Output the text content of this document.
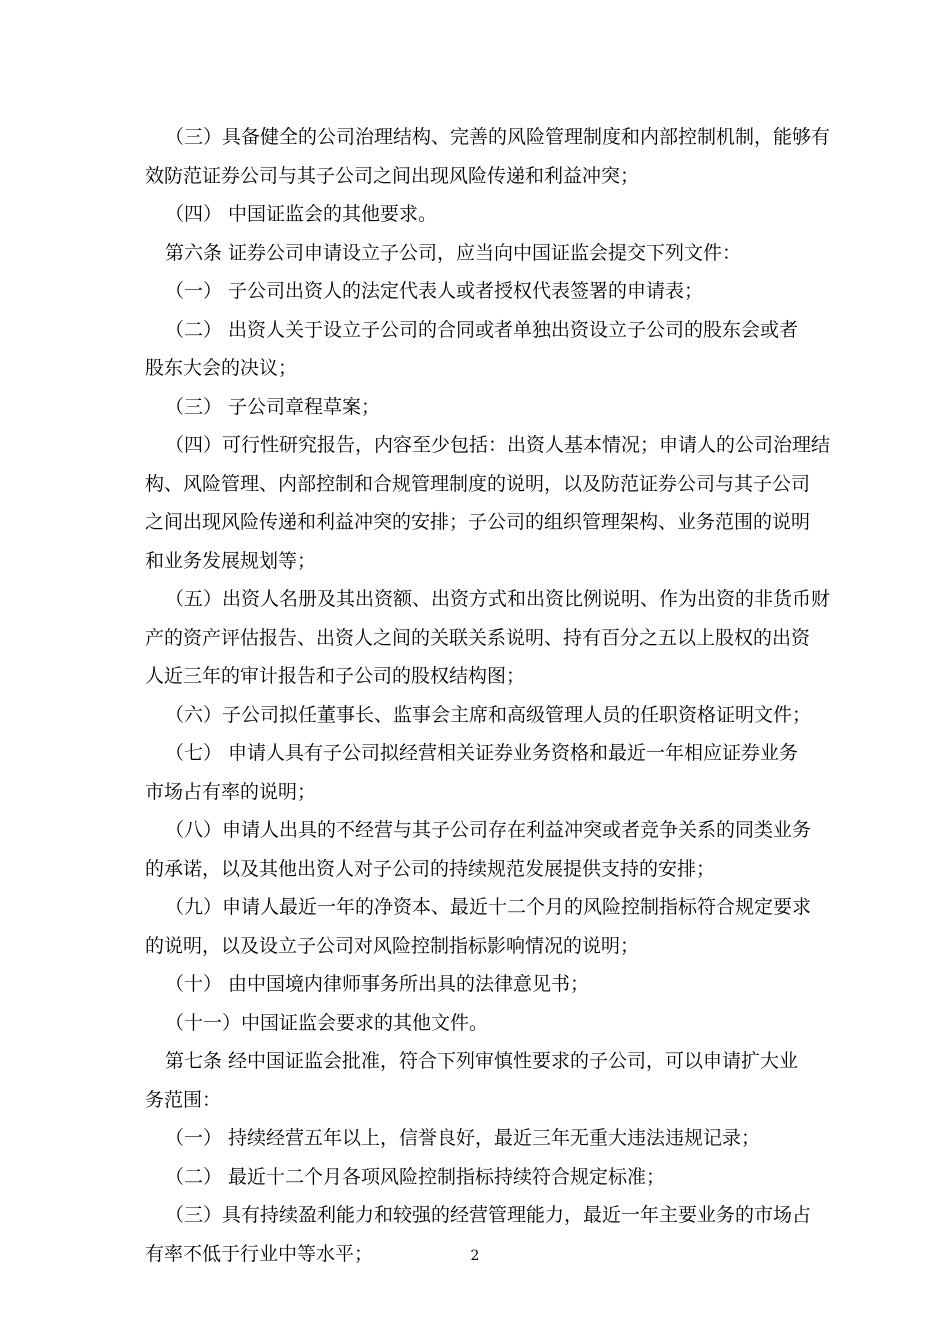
（三）具备健全的公司治理结构、完善的风险管理制度和内部控制机制，能够有
效防范证券公司与其子公司之间出现风险传递和利益冲突；
（四） 中国证监会的其他要求。
第六条 证券公司申请设立子公司，应当向中国证监会提交下列文件：
（一） 子公司出资人的法定代表人或者授权代表签署的申请表；
（二） 出资人关于设立子公司的合同或者单独出资设立子公司的股东会或者
股东大会的决议；
（三） 子公司章程草案；
（四）可行性研究报告，内容至少包括：出资人基本情况；申请人的公司治理结
构、风险管理、内部控制和合规管理制度的说明，以及防范证券公司与其子公司
之间出现风险传递和利益冲突的安排；子公司的组织管理架构、业务范围的说明
和业务发展规划等；
（五）出资人名册及其出资额、出资方式和出资比例说明、作为出资的非货币财
产的资产评估报告、出资人之间的关联关系说明、持有百分之五以上股权的出资
人近三年的审计报告和子公司的股权结构图；
（六）子公司拟任董事长、监事会主席和高级管理人员的任职资格证明文件；
（七） 申请人具有子公司拟经营相关证券业务资格和最近一年相应证券业务
市场占有率的说明；
（八）申请人出具的不经营与其子公司存在利益冲突或者竞争关系的同类业务
的承诺，以及其他出资人对子公司的持续规范发展提供支持的安排；
（九）申请人最近一年的净资本、最近十二个月的风险控制指标符合规定要求
的说明，以及设立子公司对风险控制指标影响情况的说明；
（十） 由中国境内律师事务所出具的法律意见书；
（十一）中国证监会要求的其他文件。
第七条 经中国证监会批准，符合下列审慎性要求的子公司，可以申请扩大业
务范围：
（一） 持续经营五年以上，信誉良好，最近三年无重大违法违规记录；
（二） 最近十二个月各项风险控制指标持续符合规定标准；
（三）具有持续盈利能力和较强的经营管理能力，最近一年主要业务的市场占
有率不低于行业中等水平；	2
